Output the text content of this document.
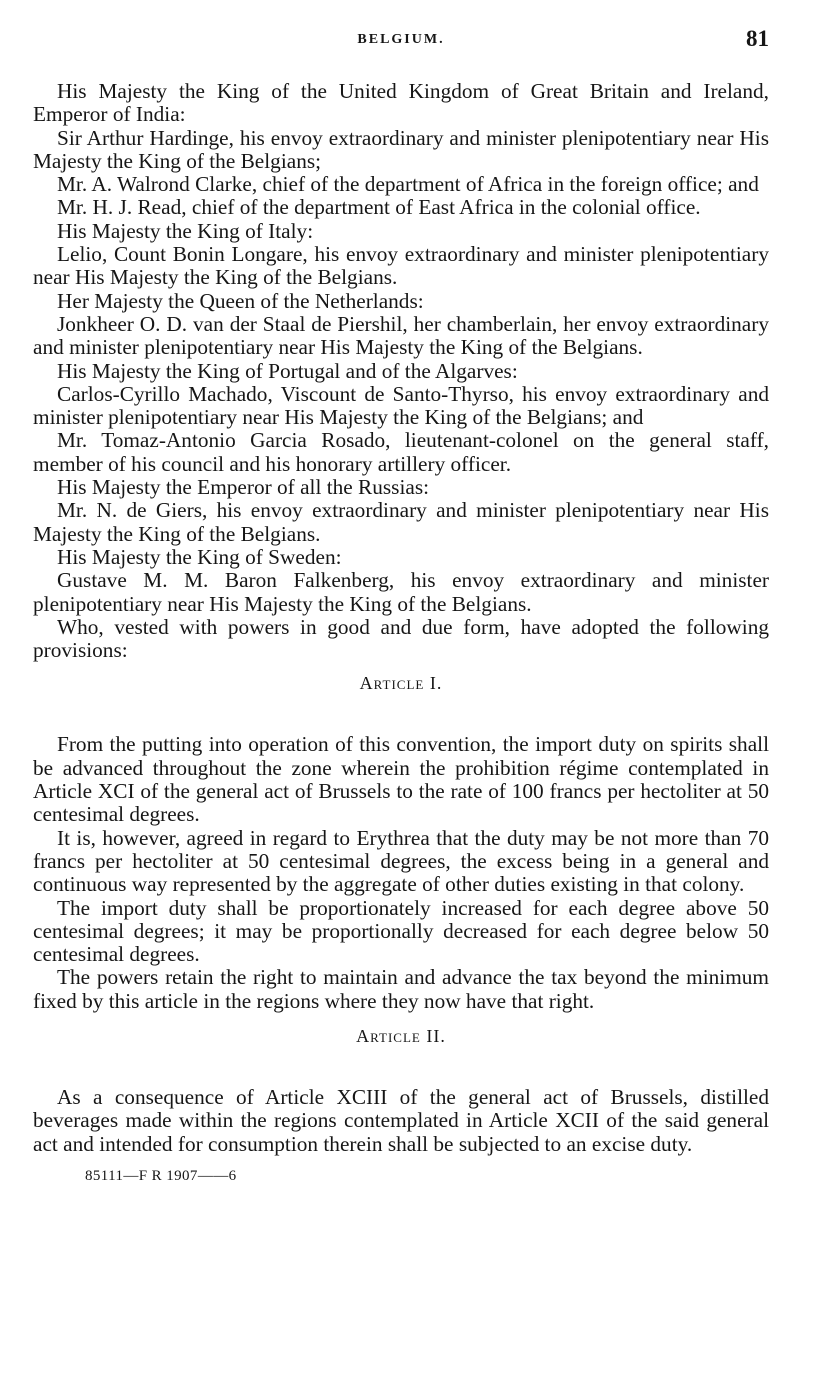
BELGIUM.	81

His Majesty the King of the United Kingdom of Great Britain and Ireland, Emperor of India:

Sir Arthur Hardinge, his envoy extraordinary and minister plenipotentiary near His Majesty the King of the Belgians;

Mr. A. Walrond Clarke, chief of the department of Africa in the foreign office; and

Mr. H. J. Read, chief of the department of East Africa in the colonial office.

His Majesty the King of Italy:

Lelio, Count Bonin Longare, his envoy extraordinary and minister plenipotentiary near His Majesty the King of the Belgians.

Her Majesty the Queen of the Netherlands:

Jonkheer O. D. van der Staal de Piershil, her chamberlain, her envoy extraordinary and minister plenipotentiary near His Majesty the King of the Belgians.

His Majesty the King of Portugal and of the Algarves:

Carlos-Cyrillo Machado, Viscount de Santo-Thyrso, his envoy extraordinary and minister plenipotentiary near His Majesty the King of the Belgians; and

Mr. Tomaz-Antonio Garcia Rosado, lieutenant-colonel on the general staff, member of his council and his honorary artillery officer.

His Majesty the Emperor of all the Russias:

Mr. N. de Giers, his envoy extraordinary and minister plenipotentiary near His Majesty the King of the Belgians.

His Majesty the King of Sweden:

Gustave M. M. Baron Falkenberg, his envoy extraordinary and minister plenipotentiary near His Majesty the King of the Belgians.

Who, vested with powers in good and due form, have adopted the following provisions:

Article I.

From the putting into operation of this convention, the import duty on spirits shall be advanced throughout the zone wherein the prohibition régime contemplated in Article XCI of the general act of Brussels to the rate of 100 francs per hectoliter at 50 centesimal degrees.

It is, however, agreed in regard to Erythrea that the duty may be not more than 70 francs per hectoliter at 50 centesimal degrees, the excess being in a general and continuous way represented by the aggregate of other duties existing in that colony.

The import duty shall be proportionately increased for each degree above 50 centesimal degrees; it may be proportionally decreased for each degree below 50 centesimal degrees.

The powers retain the right to maintain and advance the tax beyond the minimum fixed by this article in the regions where they now have that right.

Article II.

As a consequence of Article XCIII of the general act of Brussels, distilled beverages made within the regions contemplated in Article XCII of the said general act and intended for consumption therein shall be subjected to an excise duty.

85111—F R 1907——6
